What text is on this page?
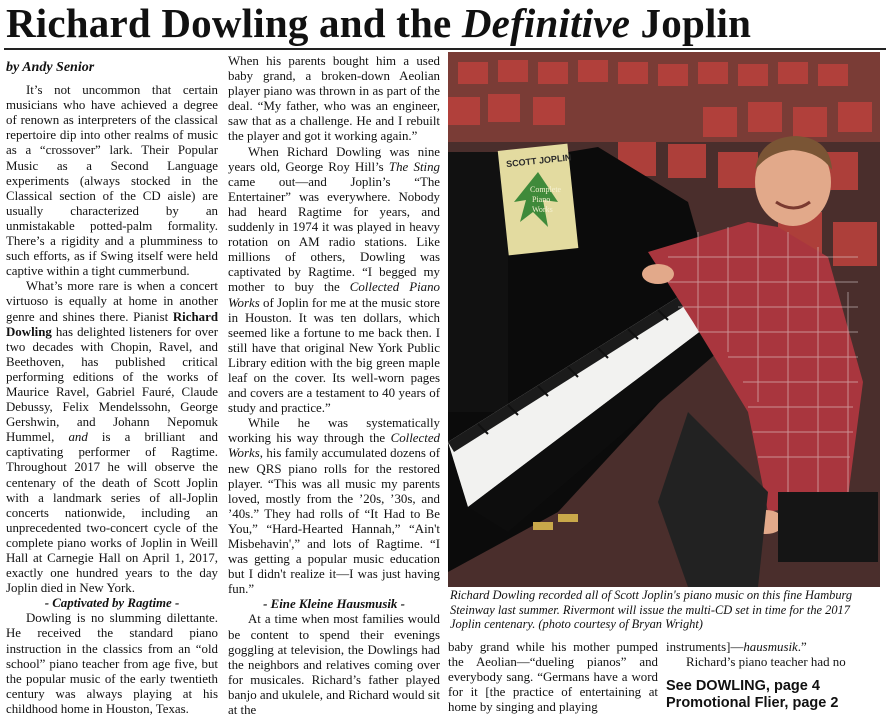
Richard Dowling and the Definitive Joplin

by Andy Senior

It’s not uncommon that certain musicians who have achieved a degree of renown as interpreters of the classical repertoire dip into other realms of music as a “crossover” lark. Their Popular Music as a Second Language experiments (always stocked in the Classical section of the CD aisle) are usually characterized by an unmistakable potted-palm formality. There’s a rigidity and a plumminess to such efforts, as if Swing itself were held captive within a tight cummerbund.

What’s more rare is when a concert virtuoso is equally at home in another genre and shines there. Pianist Richard Dowling has delighted listeners for over two decades with Chopin, Ravel, and Beethoven, has published critical performing editions of the works of Maurice Ravel, Gabriel Fauré, Claude Debussy, Felix Mendelssohn, George Gershwin, and Johann Nepomuk Hummel, and is a brilliant and captivating performer of Ragtime. Throughout 2017 he will observe the centenary of the death of Scott Joplin with a landmark series of all-Joplin concerts nationwide, including an unprecedented two-concert cycle of the complete piano works of Joplin in Weill Hall at Carnegie Hall on April 1, 2017, exactly one hundred years to the day Joplin died in New York.

- Captivated by Ragtime -

Dowling is no slumming dilettante. He received the standard piano instruction in the classics from an “old school” piano teacher from age five, but the popular music of the early twentieth century was always playing at his childhood home in Houston, Texas.

When his parents bought him a used baby grand, a broken-down Aeolian player piano was thrown in as part of the deal. “My father, who was an engineer, saw that as a challenge. He and I rebuilt the player and got it working again.”

When Richard Dowling was nine years old, George Roy Hill’s The Sting came out—and Joplin’s “The Entertainer” was everywhere. Nobody had heard Ragtime for years, and suddenly in 1974 it was played in heavy rotation on AM radio stations. Like millions of others, Dowling was captivated by Ragtime. “I begged my mother to buy the Collected Piano Works of Joplin for me at the music store in Houston. It was ten dollars, which seemed like a fortune to me back then. I still have that original New York Public Library edition with the big green maple leaf on the cover. Its well-worn pages and covers are a testament to 40 years of study and practice.”

While he was systematically working his way through the Collected Works, his family accumulated dozens of new QRS piano rolls for the restored player. “This was all music my parents loved, mostly from the ’20s, ’30s, and ’40s.” They had rolls of “It Had to Be You,” “Hard-Hearted Hannah,” “Ain't Misbehavin',” and lots of Ragtime. “I was getting a popular music education but I didn't realize it—I was just having fun.”

- Eine Kleine Hausmusik -

At a time when most families would be content to spend their evenings goggling at television, the Dowlings had the neighbors and relatives coming over for musicales. Richard’s father played banjo and ukulele, and Richard would sit at the

SCOTT JOPLIN
Complete
Piano
Works
Richard Dowling recorded all of Scott Joplin's piano music on this fine Hamburg Steinway last summer. Rivermont will issue the multi-CD set in time for the 2017 Joplin centenary. (photo courtesy of Bryan Wright)

baby grand while his mother pumped the Aeolian—“dueling pianos” and everybody sang. “Germans have a word for it [the practice of entertaining at home by singing and playing

instruments]—hausmusik.”

Richard’s piano teacher had no

See DOWLING, page 4

Promotional Flier, page 2
